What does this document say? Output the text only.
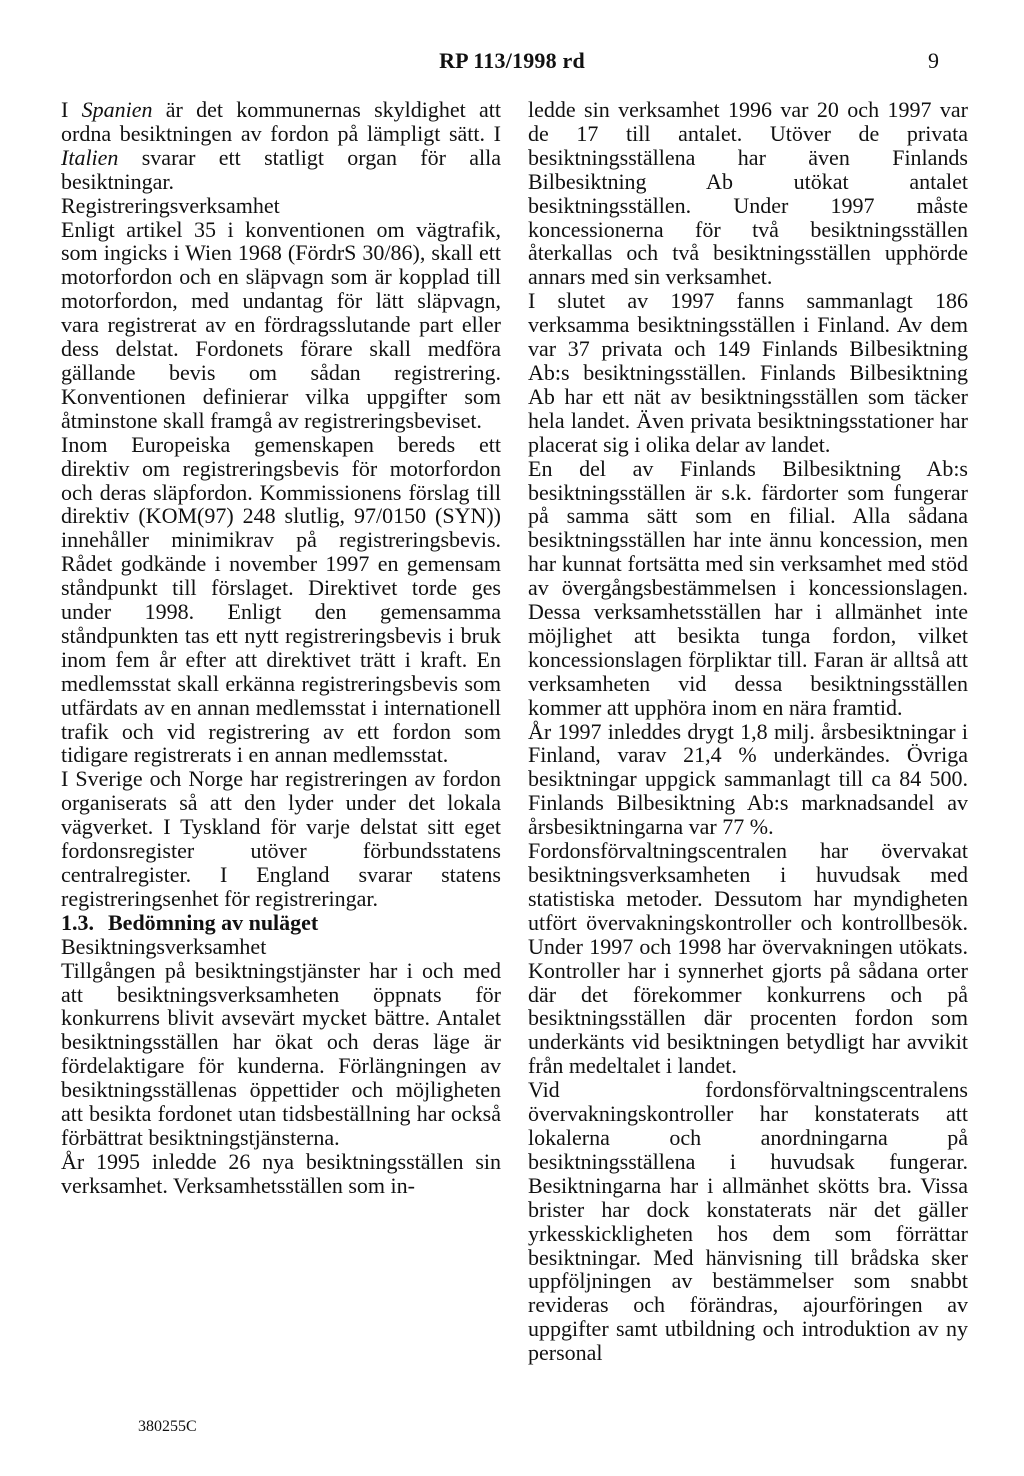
RP 113/1998 rd	9

I Spanien är det kommunernas skyldighet att ordna besiktningen av fordon på lämpligt sätt. I Italien svarar ett statligt organ för alla besiktningar.

Registreringsverksamhet

Enligt artikel 35 i konventionen om vägtrafik, som ingicks i Wien 1968 (FördrS 30/86), skall ett motorfordon och en släpvagn som är kopplad till motorfordon, med undantag för lätt släpvagn, vara registrerat av en fördragsslutande part eller dess delstat. Fordonets förare skall medföra gällande bevis om sådan registrering. Konventionen definierar vilka uppgifter som åtminstone skall framgå av registreringsbeviset.

Inom Europeiska gemenskapen bereds ett direktiv om registreringsbevis för motorfordon och deras släpfordon. Kommissionens förslag till direktiv (KOM(97) 248 slutlig, 97/0150 (SYN)) innehåller minimikrav på registreringsbevis. Rådet godkände i november 1997 en gemensam ståndpunkt till förslaget. Direktivet torde ges under 1998. Enligt den gemensamma ståndpunkten tas ett nytt registreringsbevis i bruk inom fem år efter att direktivet trätt i kraft. En medlemsstat skall erkänna registreringsbevis som utfärdats av en annan medlemsstat i internationell trafik och vid registrering av ett fordon som tidigare registrerats i en annan medlemsstat.

I Sverige och Norge har registreringen av fordon organiserats så att den lyder under det lokala vägverket. I Tyskland för varje delstat sitt eget fordonsregister utöver förbundsstatens centralregister. I England svarar statens registreringsenhet för registreringar.

1.3. Bedömning av nuläget

Besiktningsverksamhet

Tillgången på besiktningstjänster har i och med att besiktningsverksamheten öppnats för konkurrens blivit avsevärt mycket bättre. Antalet besiktningsställen har ökat och deras läge är fördelaktigare för kunderna. Förlängningen av besiktningsställenas öppettider och möjligheten att besikta fordonet utan tidsbeställning har också förbättrat besiktningstjänsterna.

År 1995 inledde 26 nya besiktningsställen sin verksamhet. Verksamhetsställen som in-

ledde sin verksamhet 1996 var 20 och 1997 var de 17 till antalet. Utöver de privata besiktningsställena har även Finlands Bilbesiktning Ab utökat antalet besiktningsställen. Under 1997 måste koncessionerna för två besiktningsställen återkallas och två besiktningsställen upphörde annars med sin verksamhet.

I slutet av 1997 fanns sammanlagt 186 verksamma besiktningsställen i Finland. Av dem var 37 privata och 149 Finlands Bilbesiktning Ab:s besiktningsställen. Finlands Bilbesiktning Ab har ett nät av besiktningsställen som täcker hela landet. Även privata besiktningsstationer har placerat sig i olika delar av landet.

En del av Finlands Bilbesiktning Ab:s besiktningsställen är s.k. färdorter som fungerar på samma sätt som en filial. Alla sådana besiktningsställen har inte ännu koncession, men har kunnat fortsätta med sin verksamhet med stöd av övergångsbestämmelsen i koncessionslagen. Dessa verksamhetsställen har i allmänhet inte möjlighet att besikta tunga fordon, vilket koncessionslagen förpliktar till. Faran är alltså att verksamheten vid dessa besiktningsställen kommer att upphöra inom en nära framtid.

År 1997 inleddes drygt 1,8 milj. årsbesiktningar i Finland, varav 21,4 % underkändes. Övriga besiktningar uppgick sammanlagt till ca 84 500. Finlands Bilbesiktning Ab:s marknadsandel av årsbesiktningarna var 77 %.

Fordonsförvaltningscentralen har övervakat besiktningsverksamheten i huvudsak med statistiska metoder. Dessutom har myndigheten utfört övervakningskontroller och kontrollbesök. Under 1997 och 1998 har övervakningen utökats. Kontroller har i synnerhet gjorts på sådana orter där det förekommer konkurrens och på besiktningsställen där procenten fordon som underkänts vid besiktningen betydligt har avvikit från medeltalet i landet.

Vid fordonsförvaltningscentralens övervakningskontroller har konstaterats att lokalerna och anordningarna på besiktningsställena i huvudsak fungerar. Besiktningarna har i allmänhet skötts bra. Vissa brister har dock konstaterats när det gäller yrkesskickligheten hos dem som förrättar besiktningar. Med hänvisning till brådska sker uppföljningen av bestämmelser som snabbt revideras och förändras, ajourföringen av uppgifter samt utbildning och introduktion av ny personal

380255C
